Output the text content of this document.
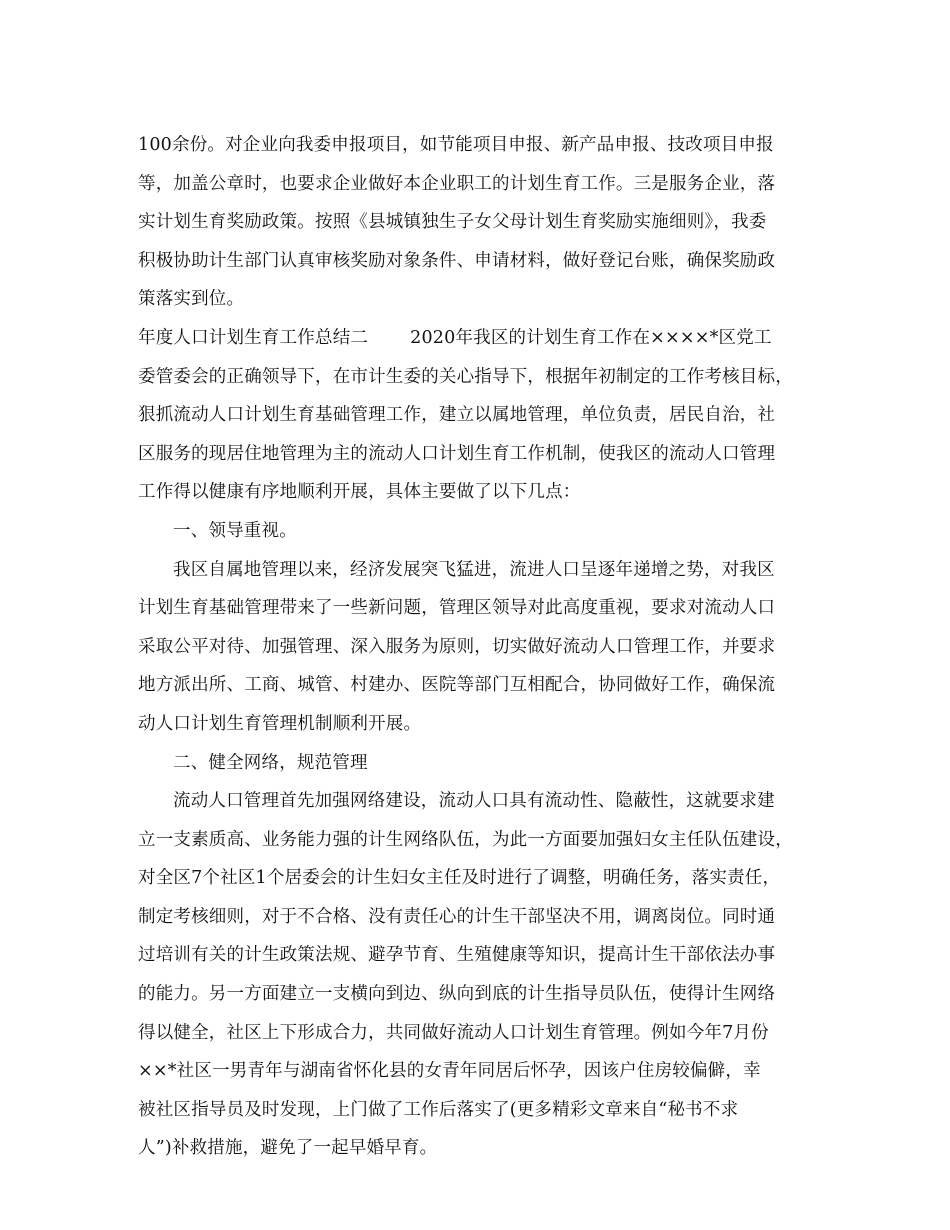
100余份。对企业向我委申报项目，如节能项目申报、新产品申报、技改项目申报
等，加盖公章时，也要求企业做好本企业职工的计划生育工作。三是服务企业，落
实计划生育奖励政策。按照《县城镇独生子女父母计划生育奖励实施细则》，我委
积极协助计生部门认真审核奖励对象条件、申请材料，做好登记台账，确保奖励政
策落实到位。
年度人口计划生育工作总结二 2020年我区的计划生育工作在××××*区党工
委管委会的正确领导下，在市计生委的关心指导下，根据年初制定的工作考核目标，
狠抓流动人口计划生育基础管理工作，建立以属地管理，单位负责，居民自治，社
区服务的现居住地管理为主的流动人口计划生育工作机制，使我区的流动人口管理
工作得以健康有序地顺利开展，具体主要做了以下几点：
一、领导重视。
我区自属地管理以来，经济发展突飞猛进，流进人口呈逐年递增之势，对我区
计划生育基础管理带来了一些新问题，管理区领导对此高度重视，要求对流动人口
采取公平对待、加强管理、深入服务为原则，切实做好流动人口管理工作，并要求
地方派出所、工商、城管、村建办、医院等部门互相配合，协同做好工作，确保流
动人口计划生育管理机制顺利开展。
二、健全网络，规范管理
流动人口管理首先加强网络建设，流动人口具有流动性、隐蔽性，这就要求建
立一支素质高、业务能力强的计生网络队伍，为此一方面要加强妇女主任队伍建设，
对全区7个社区1个居委会的计生妇女主任及时进行了调整，明确任务，落实责任，
制定考核细则，对于不合格、没有责任心的计生干部坚决不用，调离岗位。同时通
过培训有关的计生政策法规、避孕节育、生殖健康等知识，提高计生干部依法办事
的能力。另一方面建立一支横向到边、纵向到底的计生指导员队伍，使得计生网络
得以健全，社区上下形成合力，共同做好流动人口计划生育管理。例如今年7月份
××*社区一男青年与湖南省怀化县的女青年同居后怀孕，因该户住房较偏僻，幸
被社区指导员及时发现，上门做了工作后落实了(更多精彩文章来自“秘书不求
人”)补救措施，避免了一起早婚早育。
